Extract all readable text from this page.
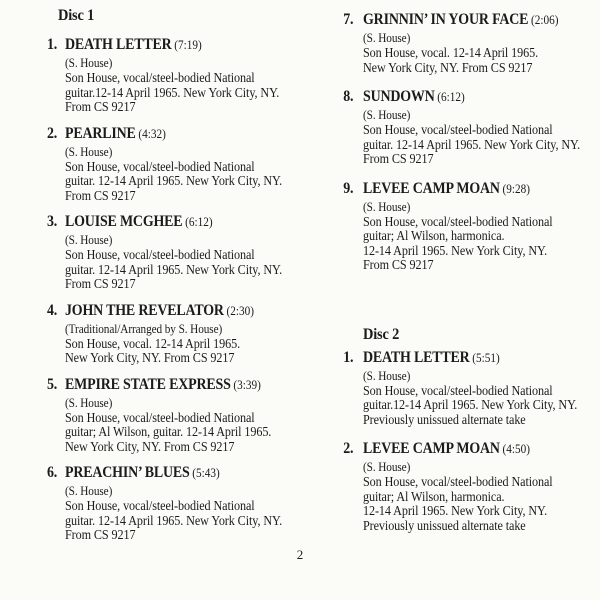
Disc 1
1. DEATH LETTER (7:19)
(S. House)
Son House, vocal/steel-bodied National
guitar.12-14 April 1965. New York City, NY.
From CS 9217
2. PEARLINE (4:32)
(S. House)
Son House, vocal/steel-bodied National
guitar. 12-14 April 1965. New York City, NY.
From CS 9217
3. LOUISE MCGHEE (6:12)
(S. House)
Son House, vocal/steel-bodied National
guitar. 12-14 April 1965. New York City, NY.
From CS 9217
4. JOHN THE REVELATOR (2:30)
(Traditional/Arranged by S. House)
Son House, vocal. 12-14 April 1965.
New York City, NY. From CS 9217
5. EMPIRE STATE EXPRESS (3:39)
(S. House)
Son House, vocal/steel-bodied National
guitar; Al Wilson, guitar. 12-14 April 1965.
New York City, NY. From CS 9217
6. PREACHIN’ BLUES (5:43)
(S. House)
Son House, vocal/steel-bodied National
guitar. 12-14 April 1965. New York City, NY.
From CS 9217
7. GRINNIN’ IN YOUR FACE (2:06)
(S. House)
Son House, vocal. 12-14 April 1965.
New York City, NY. From CS 9217
8. SUNDOWN (6:12)
(S. House)
Son House, vocal/steel-bodied National
guitar. 12-14 April 1965. New York City, NY.
From CS 9217
9. LEVEE CAMP MOAN (9:28)
(S. House)
Son House, vocal/steel-bodied National
guitar; Al Wilson, harmonica.
12-14 April 1965. New York City, NY.
From CS 9217
Disc 2
1. DEATH LETTER (5:51)
(S. House)
Son House, vocal/steel-bodied National
guitar.12-14 April 1965. New York City, NY.
Previously unissued alternate take
2. LEVEE CAMP MOAN (4:50)
(S. House)
Son House, vocal/steel-bodied National
guitar; Al Wilson, harmonica.
12-14 April 1965. New York City, NY.
Previously unissued alternate take
2
